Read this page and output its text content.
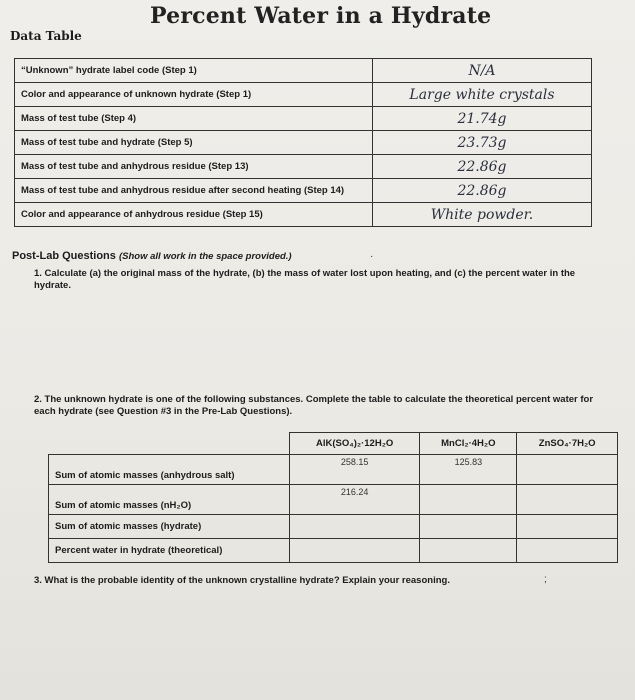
Percent Water in a Hydrate
Data Table
“Unknown” hydrate label code (Step 1)	N/A
Color and appearance of unknown hydrate (Step 1)	Large white crystals
Mass of test tube (Step 4)	21.74g
Mass of test tube and hydrate (Step 5)	23.73g
Mass of test tube and anhydrous residue (Step 13)	22.86g
Mass of test tube and anhydrous residue after second heating (Step 14)	22.86g
Color and appearance of anhydrous residue (Step 15)	White powder.
Post-Lab Questions (Show all work in the space provided.)	·
1. Calculate (a) the original mass of the hydrate, (b) the mass of water lost upon heating, and (c) the percent water in the hydrate.
2. The unknown hydrate is one of the following substances. Complete the table to calculate the theoretical percent water for each hydrate (see Question #3 in the Pre-Lab Questions).
	AlK(SO₄)₂·12H₂O	MnCl₂·4H₂O	ZnSO₄·7H₂O
Sum of atomic masses (anhydrous salt)	258.15	125.83	
Sum of atomic masses (nH₂O)	216.24		
Sum of atomic masses (hydrate)			
Percent water in hydrate (theoretical)			
3. What is the probable identity of the unknown crystalline hydrate? Explain your reasoning.	;
